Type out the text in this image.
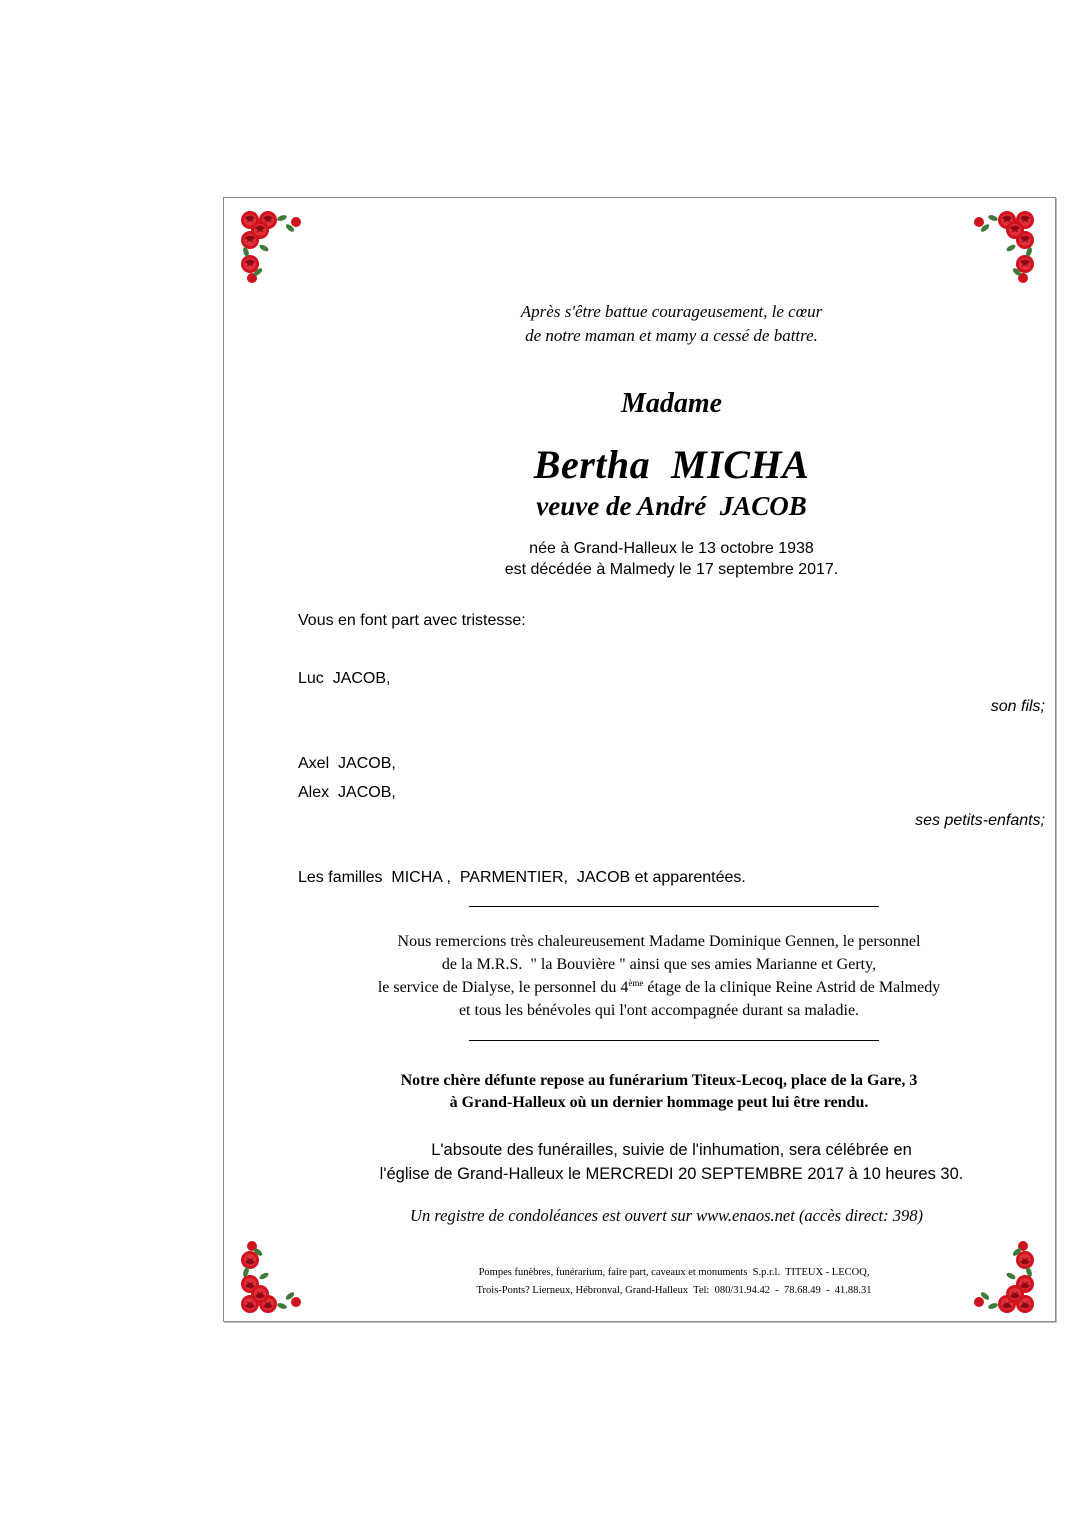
Après s'être battue courageusement, le cœur
de notre maman et mamy a cessé de battre.
Madame
Bertha  MICHA
veuve de André  JACOB
née à Grand-Halleux le 13 octobre 1938
est décédée à Malmedy le 17 septembre 2017.
Vous en font part avec tristesse:
Luc  JACOB,
son fils;
Axel  JACOB,
Alex  JACOB,
ses petits-enfants;
Les familles  MICHA ,  PARMENTIER,  JACOB et apparentées.
Nous remercions très chaleureusement Madame Dominique Gennen, le personnel
de la M.R.S.  " la Bouvière " ainsi que ses amies Marianne et Gerty,
le service de Dialyse, le personnel du 4ème étage de la clinique Reine Astrid de Malmedy
et tous les bénévoles qui l'ont accompagnée durant sa maladie.
Notre chère défunte repose au funérarium Titeux-Lecoq, place de la Gare, 3
à Grand-Halleux où un dernier hommage peut lui être rendu.
L'absoute des funérailles, suivie de l'inhumation, sera célébrée en
l'église de Grand-Halleux le MERCREDI 20 SEPTEMBRE 2017 à 10 heures 30.
Un registre de condoléances est ouvert sur www.enaos.net (accès direct: 398)
Pompes funèbres, funérarium, faire part, caveaux et monuments  S.p.r.l.  TITEUX - LECOQ,
Trois-Ponts? Lierneux, Hébronval, Grand-Halleux  Tel:  080/31.94.42  -  78.68.49  -  41.88.31
